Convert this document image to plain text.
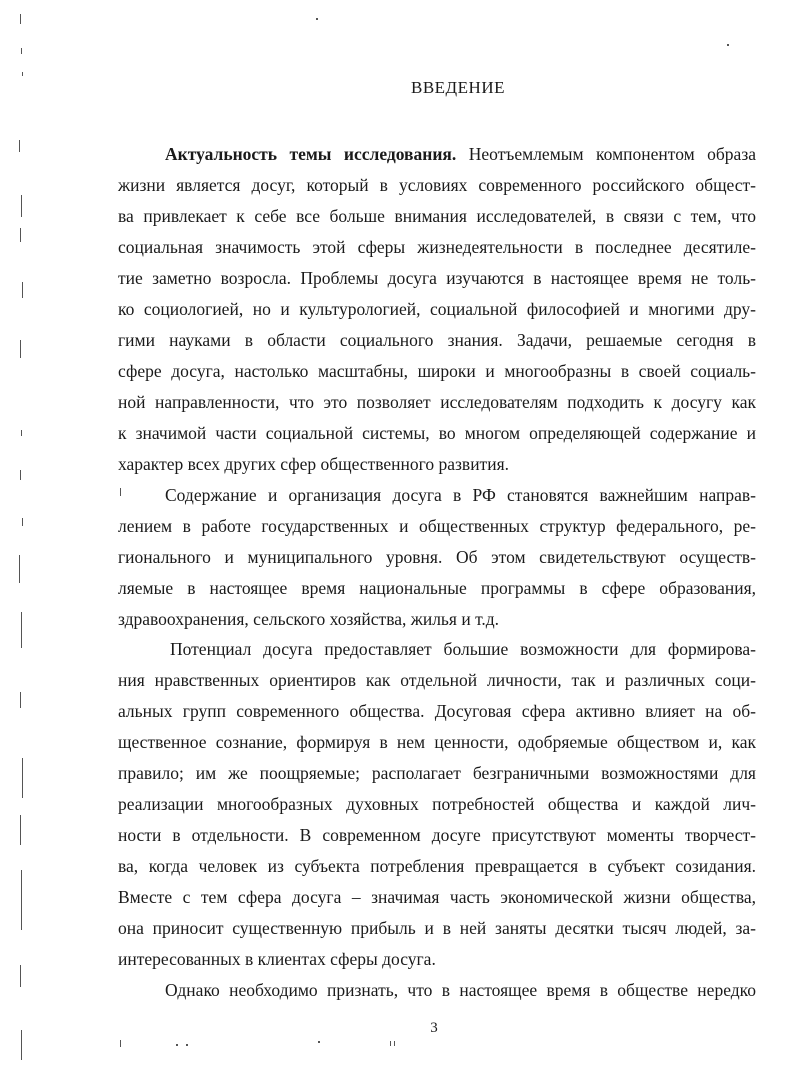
ВВЕДЕНИЕ
Актуальность темы исследования. Неотъемлемым компонентом образа
жизни является досуг, который в условиях современного российского общест-
ва привлекает к себе все больше внимания исследователей, в связи с тем, что
социальная значимость этой сферы жизнедеятельности в последнее десятиле-
тие заметно возросла. Проблемы досуга изучаются в настоящее время не толь-
ко социологией, но и культурологией, социальной философией и многими дру-
гими науками в области социального знания. Задачи, решаемые сегодня в
сфере досуга, настолько масштабны, широки и многообразны в своей социаль-
ной направленности, что это позволяет исследователям подходить к досугу как
к значимой части социальной системы, во многом определяющей содержание и
характер всех других сфер общественного развития.
Содержание и организация досуга в РФ становятся важнейшим направ-
лением в работе государственных и общественных структур федерального, ре-
гионального и муниципального уровня. Об этом свидетельствуют осуществ-
ляемые в настоящее время национальные программы в сфере образования,
здравоохранения, сельского хозяйства, жилья и т.д.
Потенциал досуга предоставляет большие возможности для формирова-
ния нравственных ориентиров как отдельной личности, так и различных соци-
альных групп современного общества. Досуговая сфера активно влияет на об-
щественное сознание, формируя в нем ценности, одобряемые обществом и, как
правило; им же поощряемые; располагает безграничными возможностями для
реализации многообразных духовных потребностей общества и каждой лич-
ности в отдельности. В современном досуге присутствуют моменты творчест-
ва, когда человек из субъекта потребления превращается в субъект созидания.
Вместе с тем сфера досуга – значимая часть экономической жизни общества,
она приносит существенную прибыль и в ней заняты десятки тысяч людей, за-
интересованных в клиентах сферы досуга.
Однако необходимо признать, что в настоящее время в обществе нередко
3
